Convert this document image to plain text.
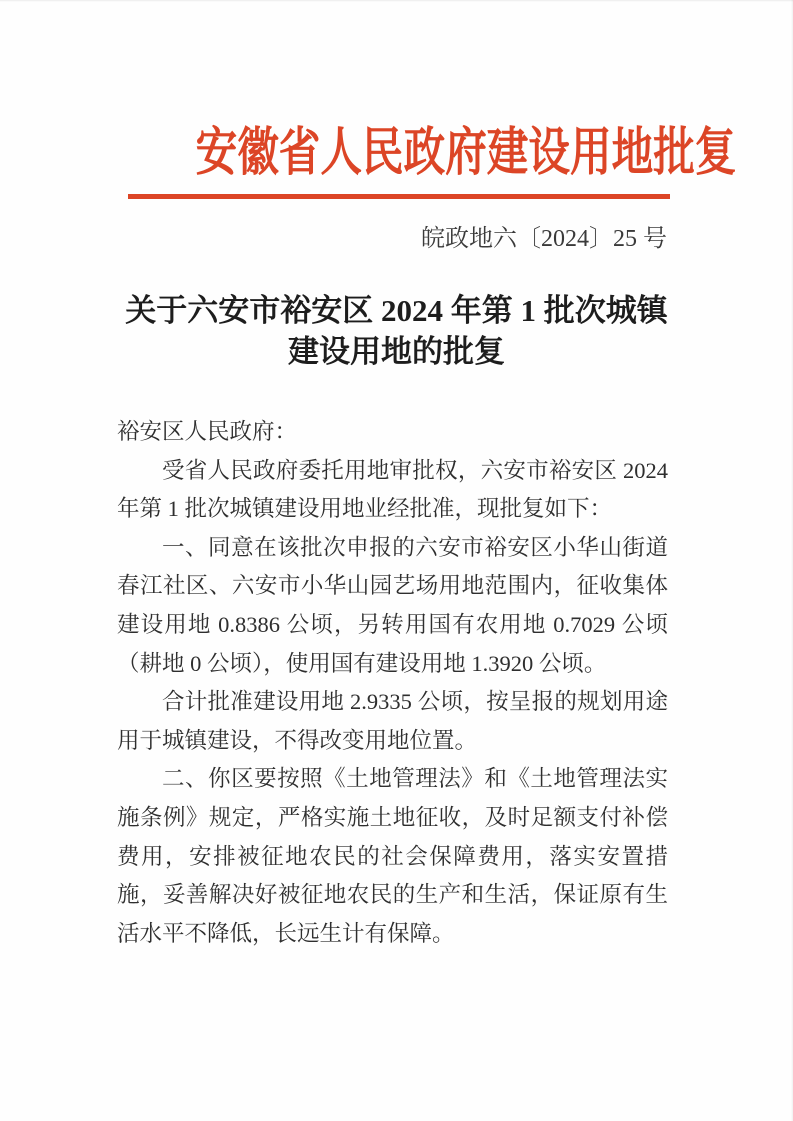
安徽省人民政府建设用地批复
皖政地六〔2024〕25 号
关于六安市裕安区 2024 年第 1 批次城镇
建设用地的批复

裕安区人民政府：

受省人民政府委托用地审批权，六安市裕安区 2024 年第 1 批次城镇建设用地业经批准，现批复如下：

一、同意在该批次申报的六安市裕安区小华山街道春江社区、六安市小华山园艺场用地范围内，征收集体建设用地 0.8386 公顷，另转用国有农用地 0.7029 公顷（耕地 0 公顷），使用国有建设用地 1.3920 公顷。

合计批准建设用地 2.9335 公顷，按呈报的规划用途用于城镇建设，不得改变用地位置。

二、你区要按照《土地管理法》和《土地管理法实施条例》规定，严格实施土地征收，及时足额支付补偿费用，安排被征地农民的社会保障费用，落实安置措施，妥善解决好被征地农民的生产和生活，保证原有生活水平不降低，长远生计有保障。
